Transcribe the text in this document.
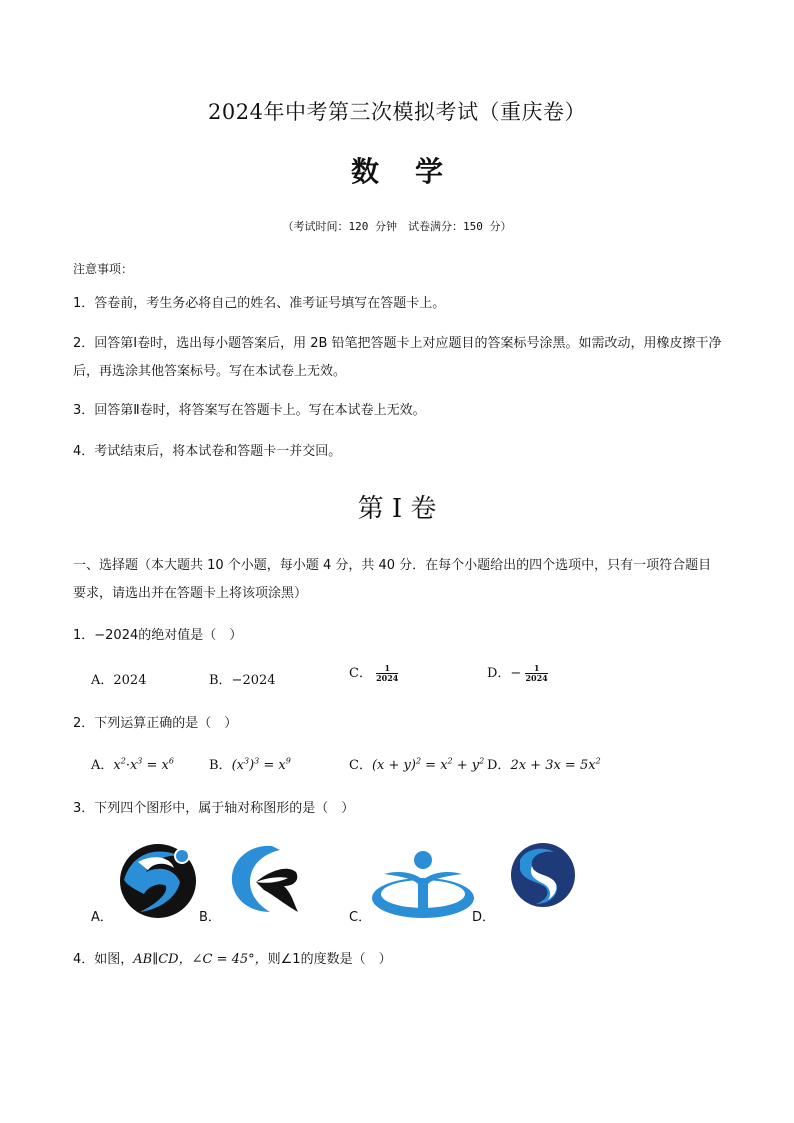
2024年中考第三次模拟考试（重庆卷）
数学
（考试时间：120 分钟　试卷满分：150 分）
注意事项：
1．答卷前，考生务必将自己的姓名、准考证号填写在答题卡上。
2．回答第Ⅰ卷时，选出每小题答案后，用 2B 铅笔把答题卡上对应题目的答案标号涂黑。如需改动，用橡皮擦干净后，再选涂其他答案标号。写在本试卷上无效。
3．回答第Ⅱ卷时，将答案写在答题卡上。写在本试卷上无效。
4．考试结束后，将本试卷和答题卡一并交回。
第 I 卷
一、选择题（本大题共 10 个小题，每小题 4 分，共 40 分．在每个小题给出的四个选项中，只有一项符合题目要求，请选出并在答题卡上将该项涂黑）
1．−2024的绝对值是（　）
A．2024	B．−2024	C． $\frac{1}{2024}$	D．− $\frac{1}{2024}$
2．下列运算正确的是（　）
A．$x^2\cdot x^3 = x^6$	B．$(x^3)^3 = x^9$	C．$(x + y)^2 = x^2 + y^2$ D．$2x + 3x = 5x^2$
3．下列四个图形中，属于轴对称图形的是（　）
A．	B．	C．	D．
4．如图，AB∥CD，∠C = 45°，则∠1的度数是（　）
